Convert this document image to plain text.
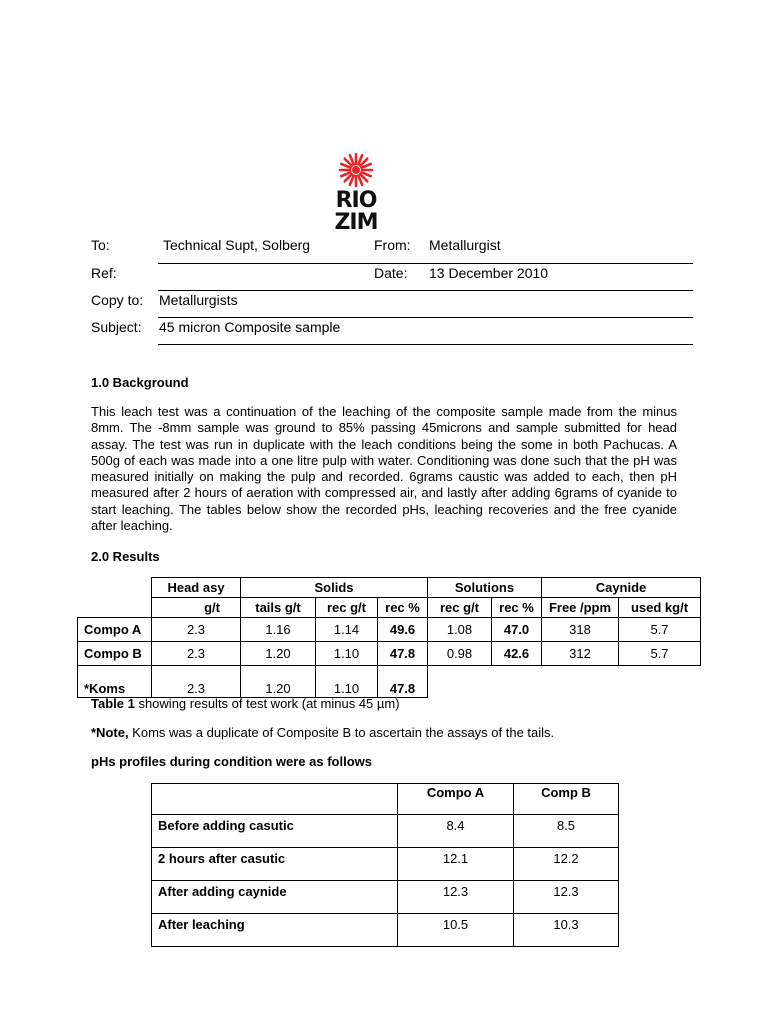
RIO
ZIM
To:	Technical Supt, Solberg	From: Metallurgist
Ref:	Date: 13 December 2010
Copy to: Metallurgists
Subject: 45 micron Composite sample
1.0 Background
This leach test was a continuation of the leaching of the composite sample made from the minus 8mm. The -8mm sample was ground to 85% passing 45microns and sample submitted for head assay. The test was run in duplicate with the leach conditions being the some in both Pachucas. A 500g of each was made into a one litre pulp with water. Conditioning was done such that the pH was measured initially on making the pulp and recorded. 6grams caustic was added to each, then pH measured after 2 hours of aeration with compressed air, and lastly after adding 6grams of cyanide to start leaching. The tables below show the recorded pHs, leaching recoveries and the free cyanide after leaching.
2.0 Results
	Head asy	Solids			Solutions		Caynide	
	g/t	tails g/t	rec g/t	rec %	rec g/t	rec %	Free /ppm	used kg/t
Compo A	2.3	1.16	1.14	49.6	1.08	47.0	318	5.7
Compo B	2.3	1.20	1.10	47.8	0.98	42.6	312	5.7
*Koms	2.3	1.20	1.10	47.8				
Table 1 showing results of test work (at minus 45 µm)
*Note, Koms was a duplicate of Composite B to ascertain the assays of the tails.
pHs profiles during condition were as follows
	Compo A	Comp B
Before adding casutic	8.4	8.5
2 hours after casutic	12.1	12.2
After adding caynide	12.3	12.3
After leaching	10.5	10.3
